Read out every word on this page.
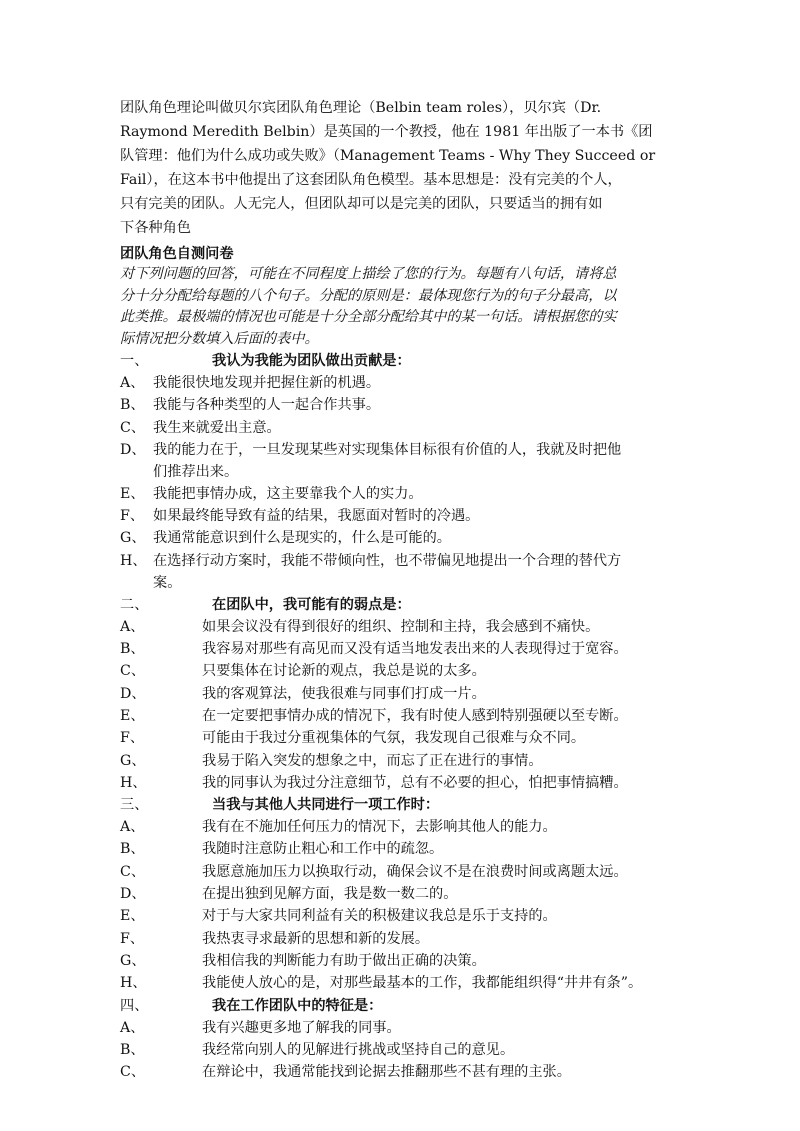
团队角色理论叫做贝尔宾团队角色理论（Belbin team roles），贝尔宾（Dr.
Raymond Meredith Belbin）是英国的一个教授，他在 1981 年出版了一本书《团
队管理：他们为什么成功或失败》（Management Teams - Why They Succeed or
Fail），在这本书中他提出了这套团队角色模型。基本思想是：没有完美的个人，
只有完美的团队。人无完人，但团队却可以是完美的团队，只要适当的拥有如
下各种角色
团队角色自测问卷
对下列问题的回答，可能在不同程度上描绘了您的行为。每题有八句话，请将总
分十分分配给每题的八个句子。分配的原则是：最体现您行为的句子分最高，以
此类推。最极端的情况也可能是十分全部分配给其中的某一句话。请根据您的实
际情况把分数填入后面的表中。
一、	我认为我能为团队做出贡献是：
A、 我能很快地发现并把握住新的机遇。
B、 我能与各种类型的人一起合作共事。
C、 我生来就爱出主意。
D、 我的能力在于，一旦发现某些对实现集体目标很有价值的人，我就及时把他
们推荐出来。
E、 我能把事情办成，这主要靠我个人的实力。
F、 如果最终能导致有益的结果，我愿面对暂时的冷遇。
G、 我通常能意识到什么是现实的，什么是可能的。
H、 在选择行动方案时，我能不带倾向性，也不带偏见地提出一个合理的替代方
案。
二、	在团队中，我可能有的弱点是：
A、	如果会议没有得到很好的组织、控制和主持，我会感到不痛快。
B、	我容易对那些有高见而又没有适当地发表出来的人表现得过于宽容。
C、	只要集体在讨论新的观点，我总是说的太多。
D、	我的客观算法，使我很难与同事们打成一片。
E、	在一定要把事情办成的情况下，我有时使人感到特别强硬以至专断。
F、	可能由于我过分重视集体的气氛，我发现自己很难与众不同。
G、	我易于陷入突发的想象之中，而忘了正在进行的事情。
H、	我的同事认为我过分注意细节，总有不必要的担心，怕把事情搞糟。
三、	当我与其他人共同进行一项工作时：
A、	我有在不施加任何压力的情况下，去影响其他人的能力。
B、	我随时注意防止粗心和工作中的疏忽。
C、	我愿意施加压力以换取行动，确保会议不是在浪费时间或离题太远。
D、	在提出独到见解方面，我是数一数二的。
E、	对于与大家共同利益有关的积极建议我总是乐于支持的。
F、	我热衷寻求最新的思想和新的发展。
G、	我相信我的判断能力有助于做出正确的决策。
H、	我能使人放心的是，对那些最基本的工作，我都能组织得“井井有条”。
四、	我在工作团队中的特征是：
A、	我有兴趣更多地了解我的同事。
B、	我经常向别人的见解进行挑战或坚持自己的意见。
C、	在辩论中，我通常能找到论据去推翻那些不甚有理的主张。
